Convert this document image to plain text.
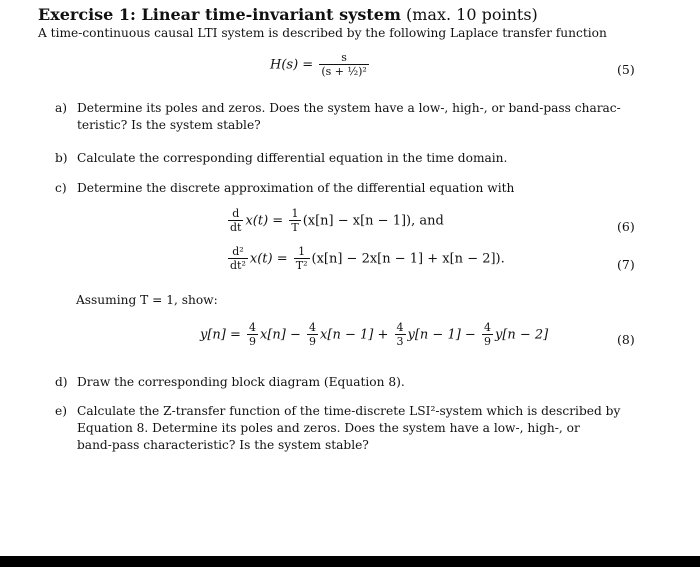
Exercise 1: Linear time-invariant system (max. 10 points)
A time-continuous causal LTI system is described by the following Laplace transfer function
$H(s) = \frac{s}{\text{(s + ½)²}}$	(5)
a) Determine its poles and zeros. Does the system have a low-, high-, or band-pass charac-
teristic? Is the system stable?
b) Calculate the corresponding differential equation in the time domain.
c) Determine the discrete approximation of the differential equation with
$\frac{d}{dt} x(t) = \frac{1}{T} (x[n] - x[n - 1])$, and	(6)
$\frac{\text{d²}}{\text{dt²}} x(t) = \frac{1}{\text{T²}} (x[n] - 2x[n - 1] + x[n - 2])$.	(7)
Assuming T = 1, show:
$y[n] = \frac{4}{9} x[n] - \frac{4}{9} x[n - 1] + \frac{4}{3} y[n - 1] - \frac{4}{9} y[n - 2]$	(8)
d) Draw the corresponding block diagram (Equation 8).
e) Calculate the Z-transfer function of the time-discrete LSI²-system which is described by
Equation 8. Determine its poles and zeros. Does the system have a low-, high-, or
band-pass characteristic? Is the system stable?
